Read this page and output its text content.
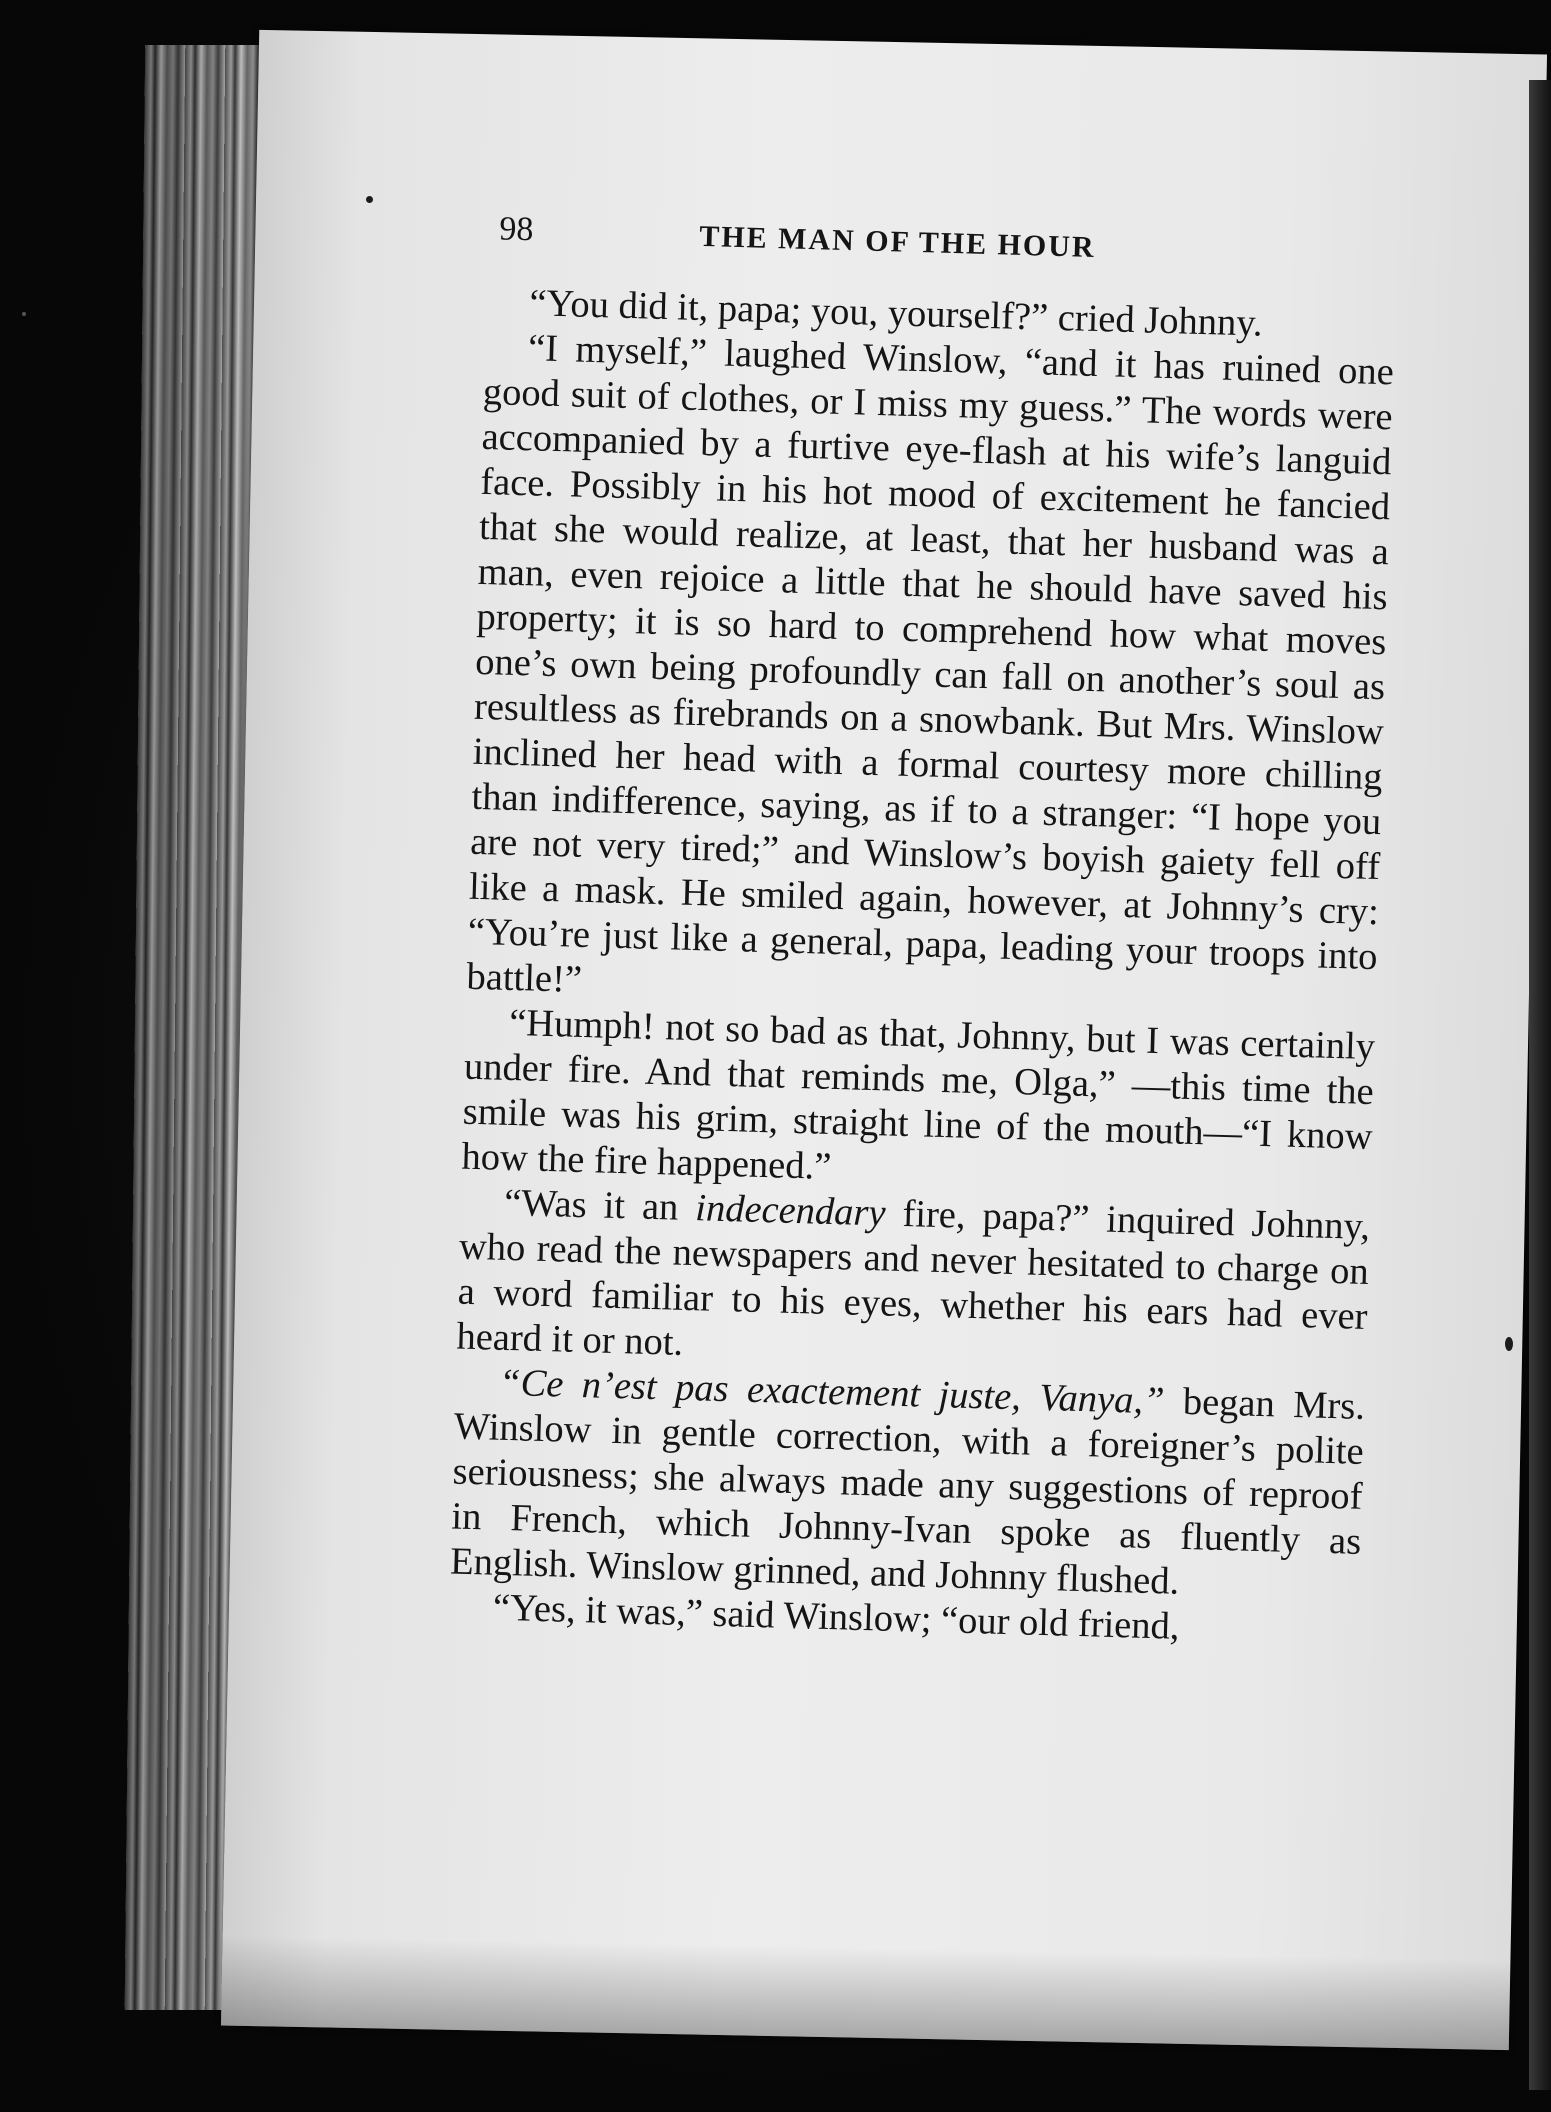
98	THE MAN OF THE HOUR

“You did it, papa; you, yourself?” cried Johnny.

“I myself,” laughed Winslow, “and it has ruined one good suit of clothes, or I miss my guess.” The words were accompanied by a furtive eye-flash at his wife’s languid face. Possibly in his hot mood of excitement he fancied that she would realize, at least, that her husband was a man, even rejoice a little that he should have saved his property; it is so hard to comprehend how what moves one’s own being profoundly can fall on another’s soul as resultless as firebrands on a snowbank. But Mrs. Winslow inclined her head with a formal courtesy more chilling than indifference, saying, as if to a stranger: “I hope you are not very tired;” and Winslow’s boyish gaiety fell off like a mask. He smiled again, however, at Johnny’s cry: “You’re just like a general, papa, leading your troops into battle!”

“Humph! not so bad as that, Johnny, but I was certainly under fire. And that reminds me, Olga,” —this time the smile was his grim, straight line of the mouth—“I know how the fire happened.”

“Was it an indecendary fire, papa?” inquired Johnny, who read the newspapers and never hesitated to charge on a word familiar to his eyes, whether his ears had ever heard it or not.

“Ce n’est pas exactement juste, Vanya,” began Mrs. Winslow in gentle correction, with a foreigner’s polite seriousness; she always made any suggestions of reproof in French, which Johnny-Ivan spoke as fluently as English. Winslow grinned, and Johnny flushed.

“Yes, it was,” said Winslow; “our old friend,
